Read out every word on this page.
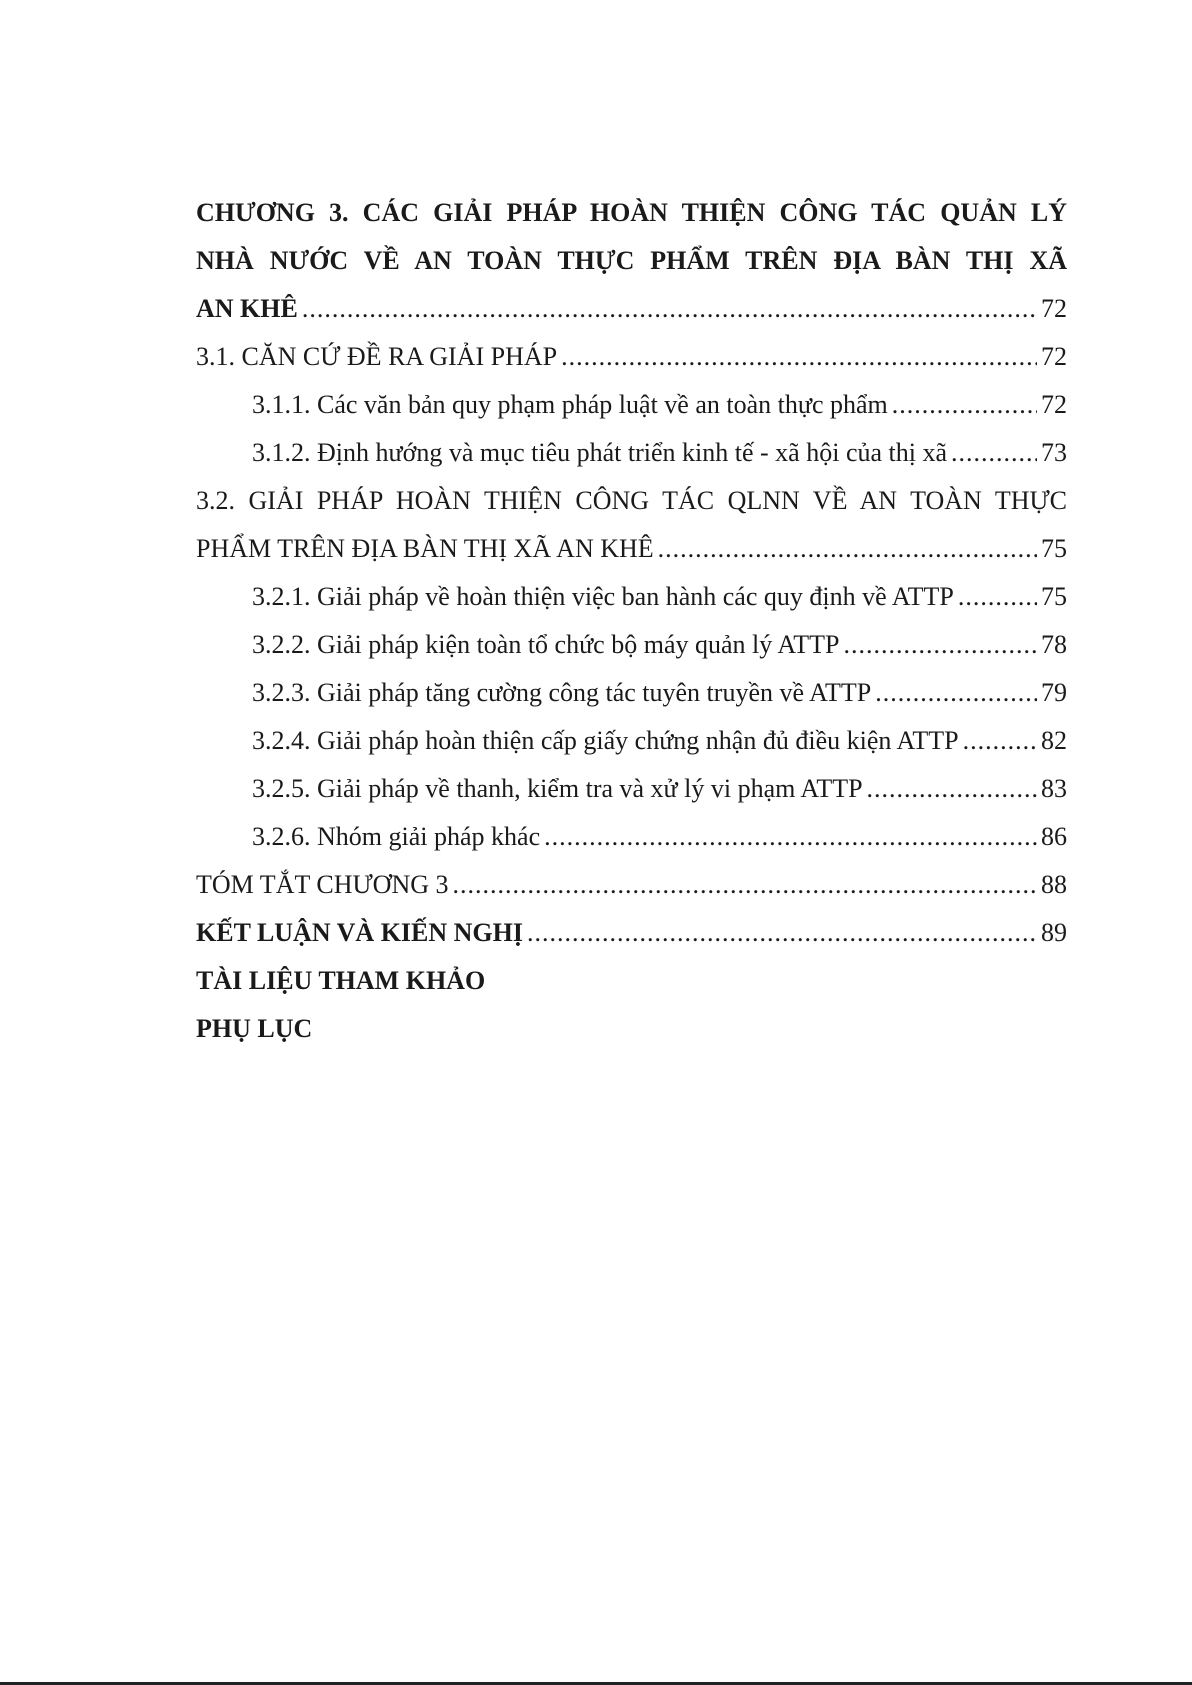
CHƯƠNG 3. CÁC GIẢI PHÁP HOÀN THIỆN CÔNG TÁC QUẢN LÝ
NHÀ NƯỚC VỀ AN TOÀN THỰC PHẨM TRÊN ĐỊA BÀN THỊ XÃ
AN KHÊ .....	72
3.1. CĂN CỨ ĐỀ RA GIẢI PHÁP .....	72
3.1.1. Các văn bản quy phạm pháp luật về an toàn thực phẩm .....	72
3.1.2. Định hướng và mục tiêu phát triển kinh tế - xã hội của thị xã .....	73
3.2. GIẢI PHÁP HOÀN THIỆN CÔNG TÁC QLNN VỀ AN TOÀN THỰC
PHẨM TRÊN ĐỊA BÀN THỊ XÃ AN KHÊ .....	75
3.2.1. Giải pháp về hoàn thiện việc ban hành các quy định về ATTP .....	75
3.2.2. Giải pháp kiện toàn tổ chức bộ máy quản lý ATTP .....	78
3.2.3. Giải pháp tăng cường công tác tuyên truyền về ATTP .....	79
3.2.4. Giải pháp hoàn thiện cấp giấy chứng nhận đủ điều kiện ATTP .....	82
3.2.5. Giải pháp về thanh, kiểm tra và xử lý vi phạm ATTP .....	83
3.2.6. Nhóm giải pháp khác .....	86
TÓM TẮT CHƯƠNG 3 .....	88
KẾT LUẬN VÀ KIẾN NGHỊ .....	89
TÀI LIỆU THAM KHẢO
PHỤ LỤC
